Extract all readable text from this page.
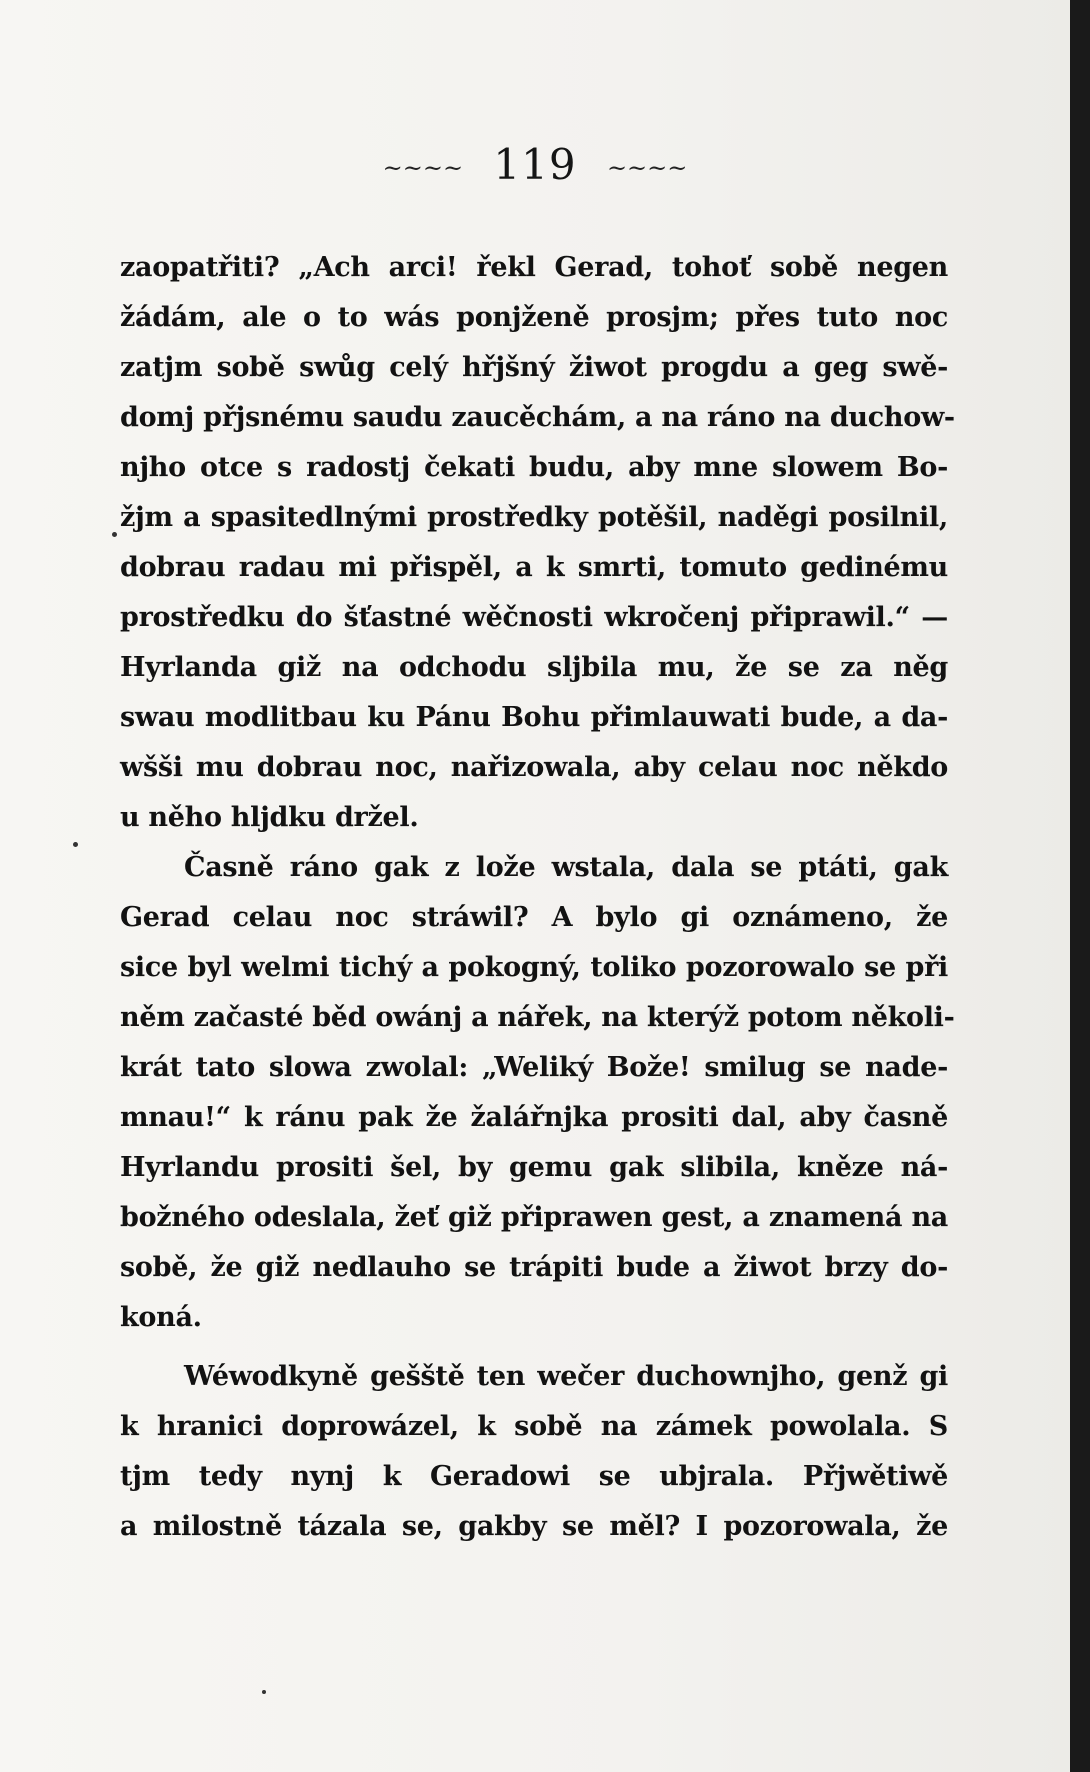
~~~~ 119 ~~~~
zaopatřiti? „Ach arci! řekl Gerad, tohoť sobě negen
žádám, ale o to wás ponjženě prosjm; přes tuto noc
zatjm sobě swůg celý hřjšný žiwot progdu a geg swě-
domj přjsnému saudu zaucěchám, a na ráno na duchow-
njho otce s radostj čekati budu, aby mne slowem Bo-
žjm a spasitedlnými prostředky potěšil, naděgi posilnil,
dobrau radau mi přispěl, a k smrti, tomuto gedinému
prostředku do šťastné wěčnosti wkročenj připrawil.“ —
Hyrlanda giž na odchodu sljbila mu, že se za něg
swau modlitbau ku Pánu Bohu přimlauwati bude, a da-
wšši mu dobrau noc, nařizowala, aby celau noc někdo
u něho hljdku držel.
Časně ráno gak z lože wstala, dala se ptáti, gak
Gerad celau noc stráwil? A bylo gi oznámeno, že
sice byl welmi tichý a pokogný, toliko pozorowalo se při
něm začasté běd owánj a nářek, na kterýž potom několi-
krát tato slowa zwolal: „Weliký Bože! smilug se nade-
mnau!“ k ránu pak že žalářnjka prositi dal, aby časně
Hyrlandu prositi šel, by gemu gak slibila, kněze ná-
božného odeslala, žeť giž připrawen gest, a znamená na
sobě, že giž nedlauho se trápiti bude a žiwot brzy do-
koná.
Wéwodkyně gešště ten wečer duchownjho, genž gi
k hranici doprowázel, k sobě na zámek powolala. S
tjm tedy nynj k Geradowi se ubjrala. Přjwětiwě
a milostně tázala se, gakby se měl? I pozorowala, že
